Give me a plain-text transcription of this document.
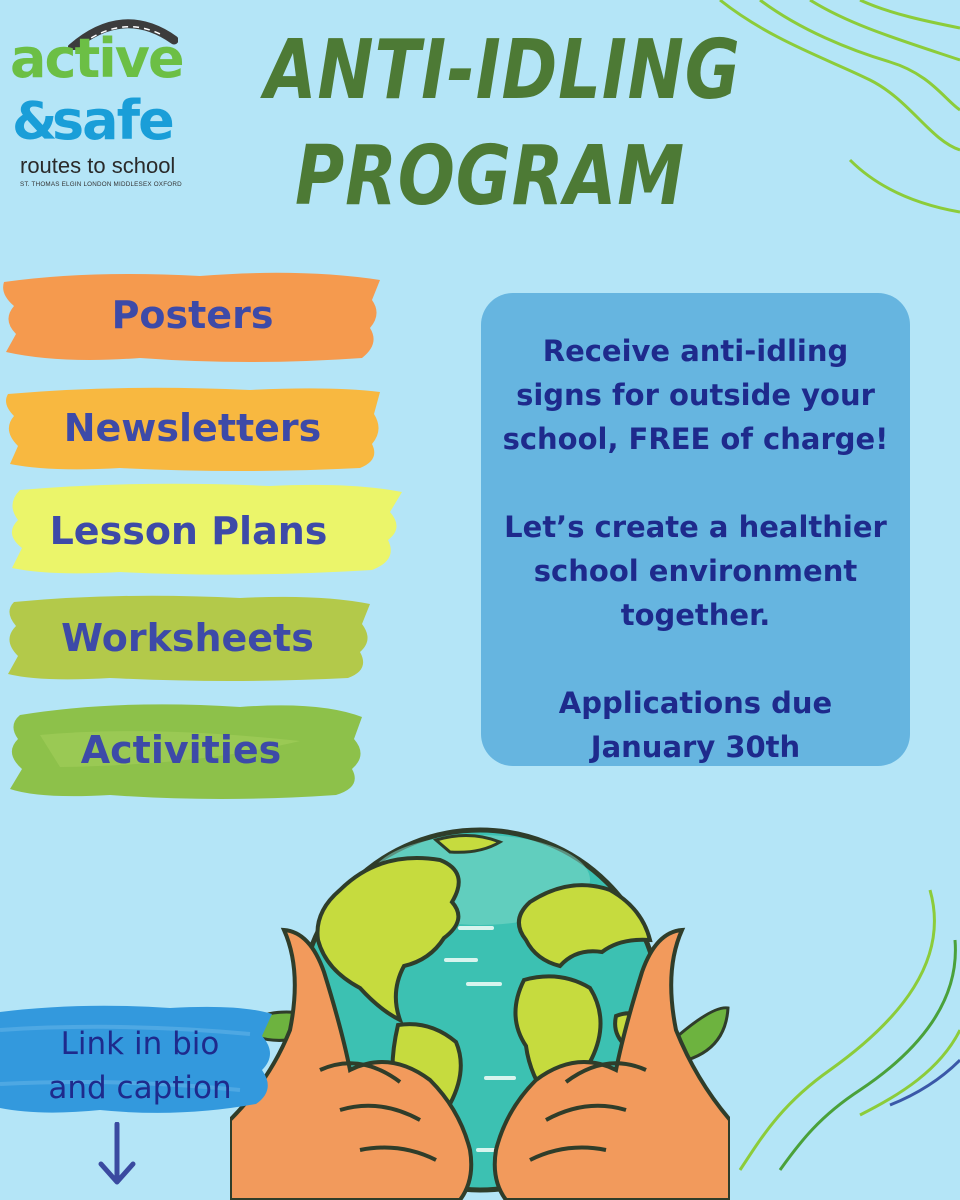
active
&
safe
routes to school
ST. THOMAS ELGIN LONDON MIDDLESEX OXFORD
ANTI-IDLING
PROGRAM
Posters
Newsletters
Lesson Plans
Worksheets
Activities

Receive anti-idling signs for outside your school, FREE of charge!

Let’s create a healthier school environment together.

Applications due January 30th

Link in bio
and caption
